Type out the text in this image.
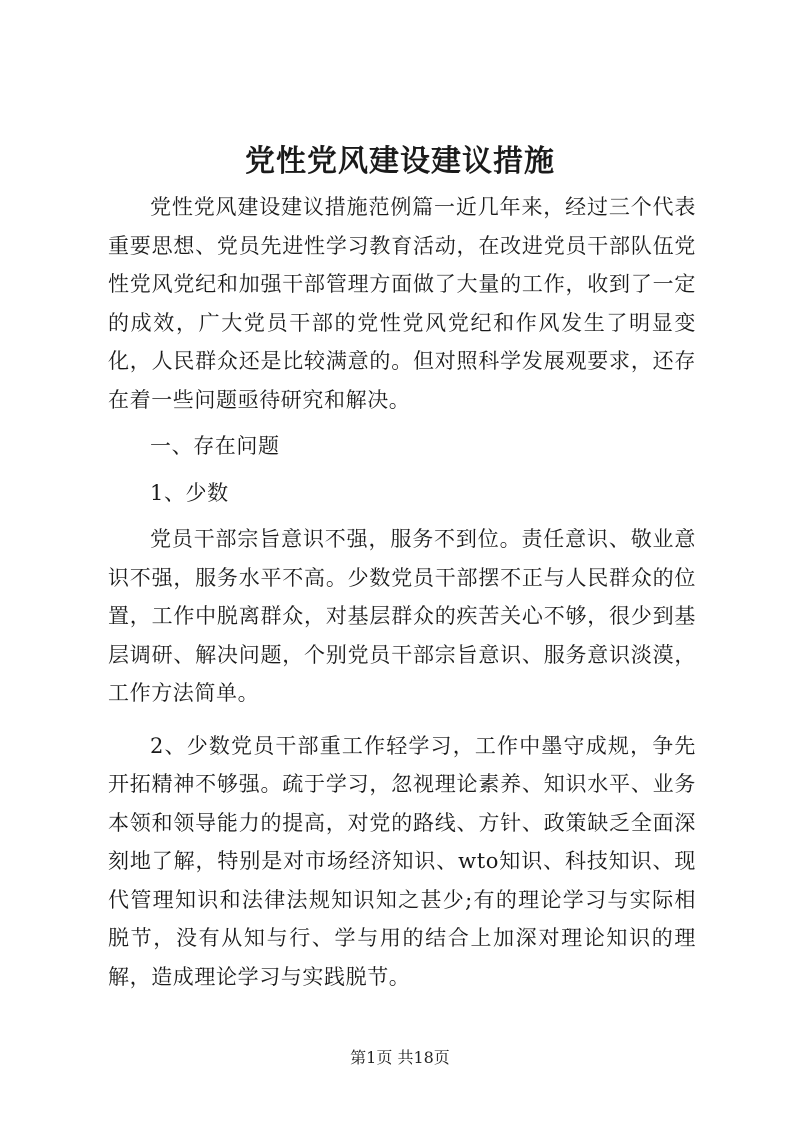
党性党风建设建议措施

党性党风建设建议措施范例篇一近几年来，经过三个代表重要思想、党员先进性学习教育活动，在改进党员干部队伍党性党风党纪和加强干部管理方面做了大量的工作，收到了一定的成效，广大党员干部的党性党风党纪和作风发生了明显变化，人民群众还是比较满意的。但对照科学发展观要求，还存在着一些问题亟待研究和解决。

一、存在问题

1、少数

党员干部宗旨意识不强，服务不到位。责任意识、敬业意识不强，服务水平不高。少数党员干部摆不正与人民群众的位置，工作中脱离群众，对基层群众的疾苦关心不够，很少到基层调研、解决问题，个别党员干部宗旨意识、服务意识淡漠，工作方法简单。

2、少数党员干部重工作轻学习，工作中墨守成规，争先开拓精神不够强。疏于学习，忽视理论素养、知识水平、业务本领和领导能力的提高，对党的路线、方针、政策缺乏全面深刻地了解，特别是对市场经济知识、wto知识、科技知识、现代管理知识和法律法规知识知之甚少;有的理论学习与实际相脱节，没有从知与行、学与用的结合上加深对理论知识的理解，造成理论学习与实践脱节。

第1页 共18页
